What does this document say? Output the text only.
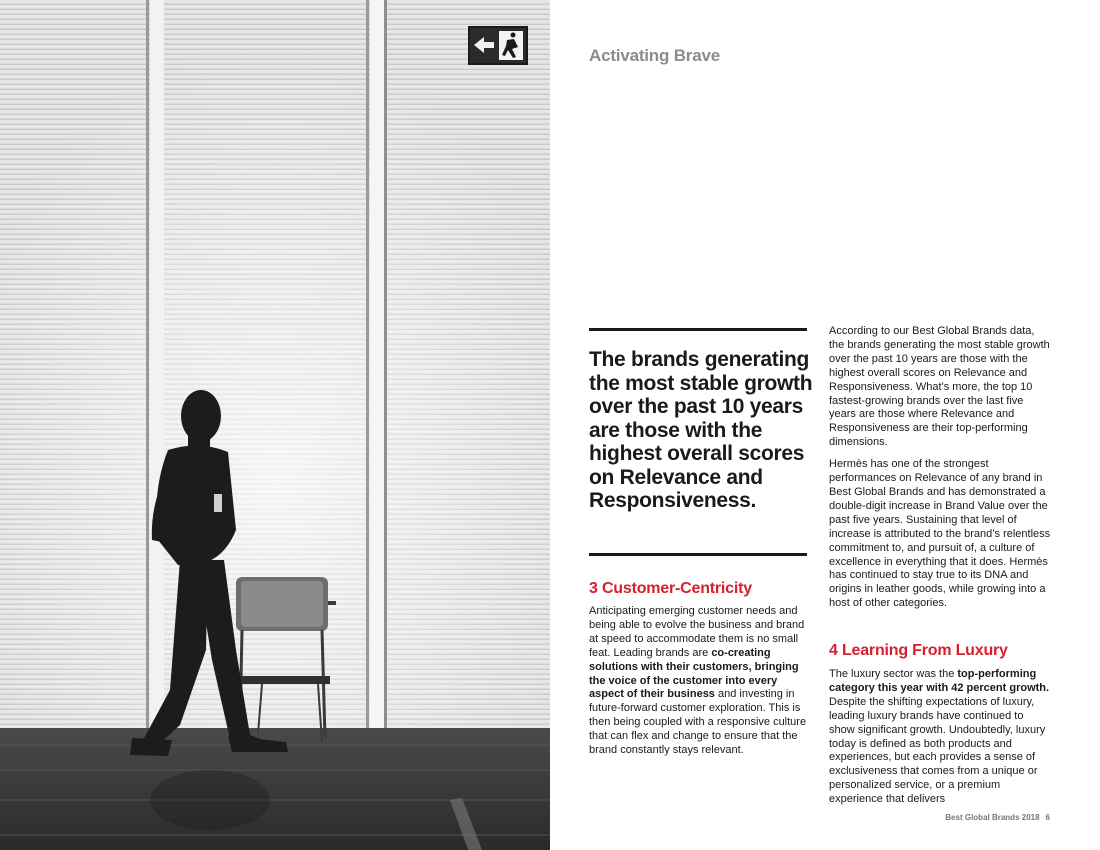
Activating Brave
The brands generating the most stable growth over the past 10 years are those with the highest overall scores on Relevance and Responsiveness.
3 Customer-Centricity

Anticipating emerging customer needs and being able to evolve the business and brand at speed to accommodate them is no small feat. Leading brands are co-creating solutions with their customers, bringing the voice of the customer into every aspect of their business and investing in future-forward customer exploration. This is then being coupled with a responsive culture that can flex and change to ensure that the brand constantly stays relevant.

According to our Best Global Brands data, the brands generating the most stable growth over the past 10 years are those with the highest overall scores on Relevance and Responsiveness. What’s more, the top 10 fastest-growing brands over the last five years are those where Relevance and Responsiveness are their top-performing dimensions.

Hermès has one of the strongest performances on Relevance of any brand in Best Global Brands and has demonstrated a double-digit increase in Brand Value over the past five years. Sustaining that level of increase is attributed to the brand’s relentless commitment to, and pursuit of, a culture of excellence in everything that it does. Hermès has continued to stay true to its DNA and origins in leather goods, while growing into a host of other categories.

4 Learning From Luxury

The luxury sector was the top-performing category this year with 42 percent growth. Despite the shifting expectations of luxury, leading luxury brands have continued to show significant growth. Undoubtedly, luxury today is defined as both products and experiences, but each provides a sense of exclusiveness that comes from a unique or personalized service, or a premium experience that delivers

Best Global Brands 2018 6
